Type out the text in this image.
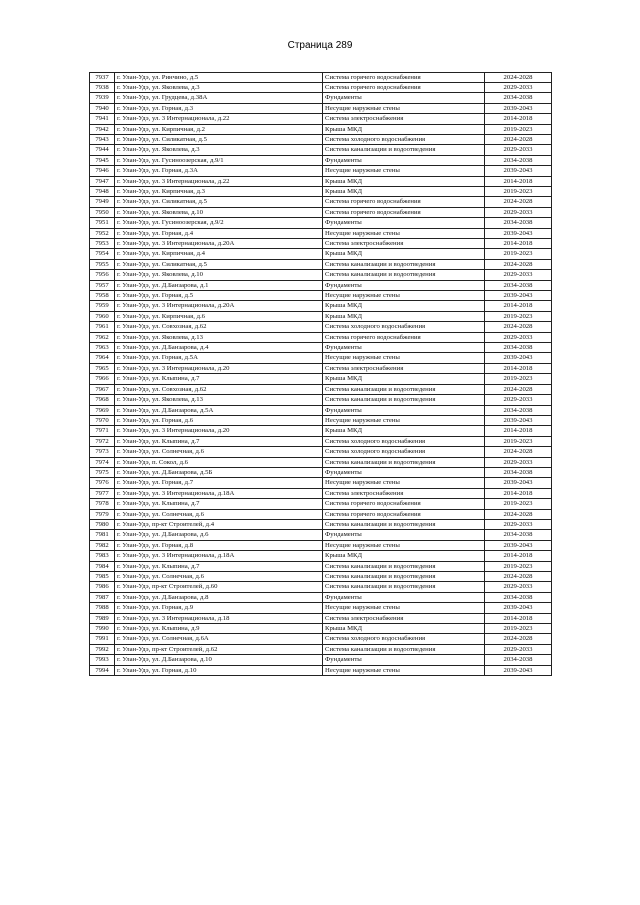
Страница 289
7937	г. Улан-Удэ, ул. Ринчино, д.5	Система горячего водоснабжения	2024-2028
7938	г. Улан-Удэ, ул. Яковлева, д.3	Система горячего водоснабжения	2029-2033
7939	г. Улан-Удэ, ул. Грудцева, д.38А	Фундаменты	2034-2038
7940	г. Улан-Удэ, ул. Горная, д.3	Несущие наружные стены	2039-2043
7941	г. Улан-Удэ, ул. 3 Интернационала, д.22	Система электроснабжения	2014-2018
7942	г. Улан-Удэ, ул. Кирпичная, д.2	Крыша МКД	2019-2023
7943	г. Улан-Удэ, ул. Силикатная, д.5	Система холодного водоснабжения	2024-2028
7944	г. Улан-Удэ, ул. Яковлева, д.3	Система канализации и водоотведения	2029-2033
7945	г. Улан-Удэ, ул. Гусиноозерская, д.9/1	Фундаменты	2034-2038
7946	г. Улан-Удэ, ул. Горная, д.3А	Несущие наружные стены	2039-2043
7947	г. Улан-Удэ, ул. 3 Интернационала, д.22	Крыша МКД	2014-2018
7948	г. Улан-Удэ, ул. Кирпичная, д.3	Крыша МКД	2019-2023
7949	г. Улан-Удэ, ул. Силикатная, д.5	Система горячего водоснабжения	2024-2028
7950	г. Улан-Удэ, ул. Яковлева, д.10	Система горячего водоснабжения	2029-2033
7951	г. Улан-Удэ, ул. Гусиноозерская, д.9/2	Фундаменты	2034-2038
7952	г. Улан-Удэ, ул. Горная, д.4	Несущие наружные стены	2039-2043
7953	г. Улан-Удэ, ул. 3 Интернационала, д.20А	Система электроснабжения	2014-2018
7954	г. Улан-Удэ, ул. Кирпичная, д.4	Крыша МКД	2019-2023
7955	г. Улан-Удэ, ул. Силикатная, д.5	Система канализации и водоотведения	2024-2028
7956	г. Улан-Удэ, ул. Яковлева, д.10	Система канализации и водоотведения	2029-2033
7957	г. Улан-Удэ, ул. Д.Банзарова, д.1	Фундаменты	2034-2038
7958	г. Улан-Удэ, ул. Горная, д.5	Несущие наружные стены	2039-2043
7959	г. Улан-Удэ, ул. 3 Интернационала, д.20А	Крыша МКД	2014-2018
7960	г. Улан-Удэ, ул. Кирпичная, д.6	Крыша МКД	2019-2023
7961	г. Улан-Удэ, ул. Совхозная, д.62	Система холодного водоснабжения	2024-2028
7962	г. Улан-Удэ, ул. Яковлева, д.13	Система горячего водоснабжения	2029-2033
7963	г. Улан-Удэ, ул. Д.Банзарова, д.4	Фундаменты	2034-2038
7964	г. Улан-Удэ, ул. Горная, д.5А	Несущие наружные стены	2039-2043
7965	г. Улан-Удэ, ул. 3 Интернационала, д.20	Система электроснабжения	2014-2018
7966	г. Улан-Удэ, ул. Клыпина, д.7	Крыша МКД	2019-2023
7967	г. Улан-Удэ, ул. Совхозная, д.62	Система канализации и водоотведения	2024-2028
7968	г. Улан-Удэ, ул. Яковлева, д.13	Система канализации и водоотведения	2029-2033
7969	г. Улан-Удэ, ул. Д.Банзарова, д.5А	Фундаменты	2034-2038
7970	г. Улан-Удэ, ул. Горная, д.6	Несущие наружные стены	2039-2043
7971	г. Улан-Удэ, ул. 3 Интернационала, д.20	Крыша МКД	2014-2018
7972	г. Улан-Удэ, ул. Клыпина, д.7	Система холодного водоснабжения	2019-2023
7973	г. Улан-Удэ, ул. Солнечная, д.6	Система холодного водоснабжения	2024-2028
7974	г. Улан-Удэ, п. Сокол, д.6	Система канализации и водоотведения	2029-2033
7975	г. Улан-Удэ, ул. Д.Банзарова, д.5Б	Фундаменты	2034-2038
7976	г. Улан-Удэ, ул. Горная, д.7	Несущие наружные стены	2039-2043
7977	г. Улан-Удэ, ул. 3 Интернационала, д.18А	Система электроснабжения	2014-2018
7978	г. Улан-Удэ, ул. Клыпина, д.7	Система горячего водоснабжения	2019-2023
7979	г. Улан-Удэ, ул. Солнечная, д.6	Система горячего водоснабжения	2024-2028
7980	г. Улан-Удэ, пр-кт Строителей, д.4	Система канализации и водоотведения	2029-2033
7981	г. Улан-Удэ, ул. Д.Банзарова, д.6	Фундаменты	2034-2038
7982	г. Улан-Удэ, ул. Горная, д.8	Несущие наружные стены	2039-2043
7983	г. Улан-Удэ, ул. 3 Интернационала, д.18А	Крыша МКД	2014-2018
7984	г. Улан-Удэ, ул. Клыпина, д.7	Система канализации и водоотведения	2019-2023
7985	г. Улан-Удэ, ул. Солнечная, д.6	Система канализации и водоотведения	2024-2028
7986	г. Улан-Удэ, пр-кт Строителей, д.60	Система канализации и водоотведения	2029-2033
7987	г. Улан-Удэ, ул. Д.Банзарова, д.8	Фундаменты	2034-2038
7988	г. Улан-Удэ, ул. Горная, д.9	Несущие наружные стены	2039-2043
7989	г. Улан-Удэ, ул. 3 Интернационала, д.18	Система электроснабжения	2014-2018
7990	г. Улан-Удэ, ул. Клыпина, д.9	Крыша МКД	2019-2023
7991	г. Улан-Удэ, ул. Солнечная, д.6А	Система холодного водоснабжения	2024-2028
7992	г. Улан-Удэ, пр-кт Строителей, д.62	Система канализации и водоотведения	2029-2033
7993	г. Улан-Удэ, ул. Д.Банзарова, д.10	Фундаменты	2034-2038
7994	г. Улан-Удэ, ул. Горная, д.10	Несущие наружные стены	2039-2043
